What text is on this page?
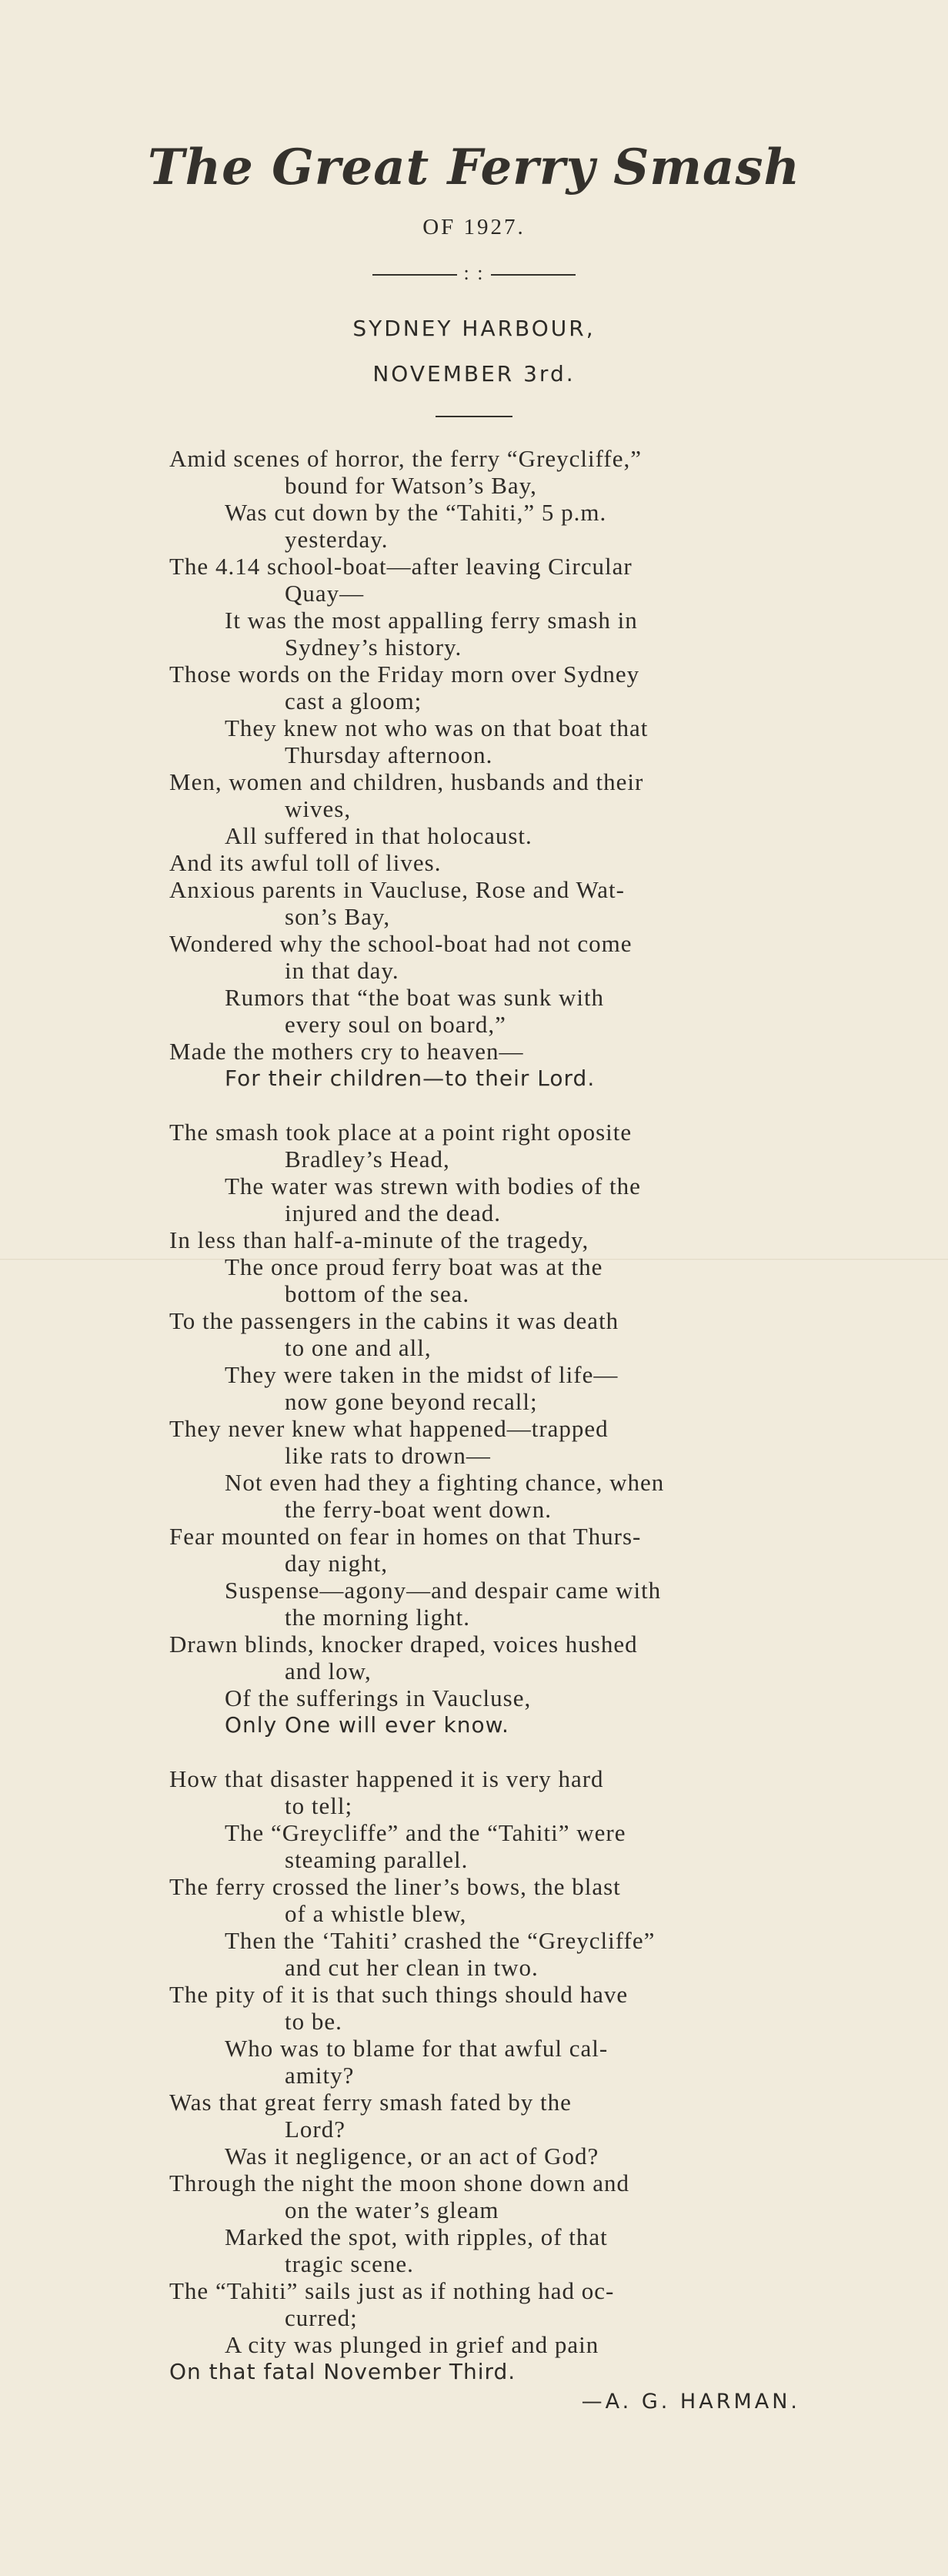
The Great Ferry Smash
OF 1927.
: :
SYDNEY HARBOUR,
NOVEMBER 3rd.
Amid scenes of horror, the ferry “Greycliffe,”
bound for Watson’s Bay,
Was cut down by the “Tahiti,” 5 p.m.
yesterday.
The 4.14 school-boat—after leaving Circular
Quay—
It was the most appalling ferry smash in
Sydney’s history.
Those words on the Friday morn over Sydney
cast a gloom;
They knew not who was on that boat that
Thursday afternoon.
Men, women and children, husbands and their
wives,
All suffered in that holocaust.
And its awful toll of lives.
Anxious parents in Vaucluse, Rose and Wat-
son’s Bay,
Wondered why the school-boat had not come
in that day.
Rumors that “the boat was sunk with
every soul on board,”
Made the mothers cry to heaven—
For their children—to their Lord.
The smash took place at a point right oposite
Bradley’s Head,
The water was strewn with bodies of the
injured and the dead.
In less than half-a-minute of the tragedy,
The once proud ferry boat was at the
bottom of the sea.
To the passengers in the cabins it was death
to one and all,
They were taken in the midst of life—
now gone beyond recall;
They never knew what happened—trapped
like rats to drown—
Not even had they a fighting chance, when
the ferry-boat went down.
Fear mounted on fear in homes on that Thurs-
day night,
Suspense—agony—and despair came with
the morning light.
Drawn blinds, knocker draped, voices hushed
and low,
Of the sufferings in Vaucluse,
Only One will ever know.
How that disaster happened it is very hard
to tell;
The “Greycliffe” and the “Tahiti” were
steaming parallel.
The ferry crossed the liner’s bows, the blast
of a whistle blew,
Then the ‘Tahiti’ crashed the “Greycliffe”
and cut her clean in two.
The pity of it is that such things should have
to be.
Who was to blame for that awful cal-
amity?
Was that great ferry smash fated by the
Lord?
Was it negligence, or an act of God?
Through the night the moon shone down and
on the water’s gleam
Marked the spot, with ripples, of that
tragic scene.
The “Tahiti” sails just as if nothing had oc-
curred;
A city was plunged in grief and pain
On that fatal November Third.
—A. G. HARMAN.
